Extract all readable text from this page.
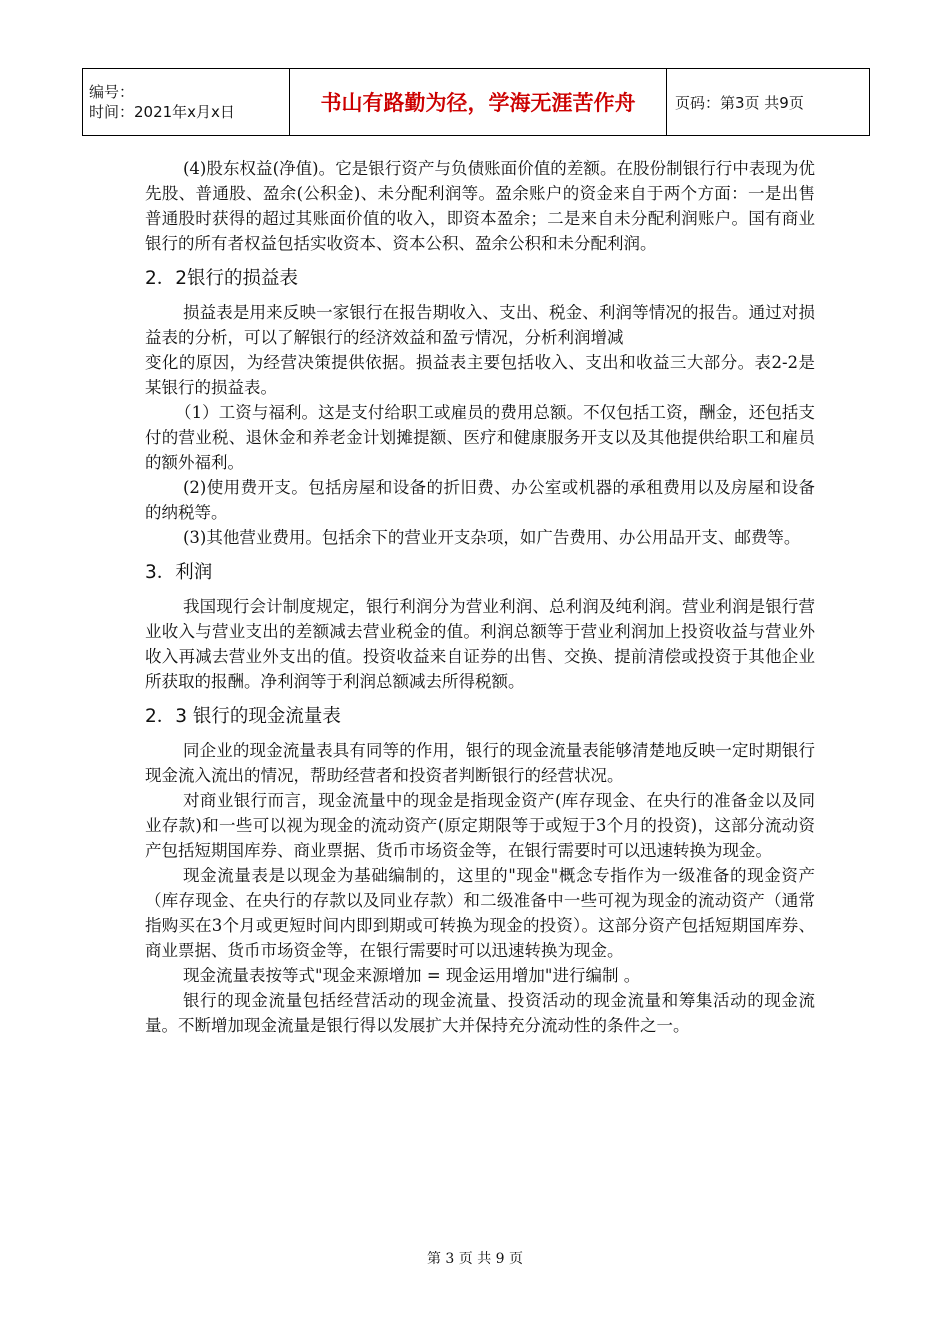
编号：
时间：2021年x月x日	书山有路勤为径，学海无涯苦作舟	页码：第3页 共9页

(4)股东权益(净值)。它是银行资产与负债账面价值的差额。在股份制银行行中表现为优先股、普通股、盈余(公积金)、未分配利润等。盈余账户的资金来自于两个方面：一是出售普通股时获得的超过其账面价值的收入，即资本盈余；二是来自未分配利润账户。国有商业银行的所有者权益包括实收资本、资本公积、盈余公积和未分配利润。

2．2银行的损益表

损益表是用来反映一家银行在报告期收入、支出、税金、利润等情况的报告。通过对损益表的分析，可以了解银行的经济效益和盈亏情况，分析利润增减

变化的原因，为经营决策提供依据。损益表主要包括收入、支出和收益三大部分。表2-2是某银行的损益表。

（1）工资与福利。这是支付给职工或雇员的费用总额。不仅包括工资，酬金，还包括支付的营业税、退休金和养老金计划摊提额、医疗和健康服务开支以及其他提供给职工和雇员的额外福利。

(2)使用费开支。包括房屋和设备的折旧费、办公室或机器的承租费用以及房屋和设备的纳税等。

(3)其他营业费用。包括余下的营业开支杂项，如广告费用、办公用品开支、邮费等。

3．利润

我国现行会计制度规定，银行利润分为营业利润、总利润及纯利润。营业利润是银行营业收入与营业支出的差额减去营业税金的值。利润总额等于营业利润加上投资收益与营业外收入再减去营业外支出的值。投资收益来自证券的出售、交换、提前清偿或投资于其他企业所获取的报酬。净利润等于利润总额减去所得税额。

2．3 银行的现金流量表

同企业的现金流量表具有同等的作用，银行的现金流量表能够清楚地反映一定时期银行现金流入流出的情况，帮助经营者和投资者判断银行的经营状况。

对商业银行而言，现金流量中的现金是指现金资产(库存现金、在央行的准备金以及同业存款)和一些可以视为现金的流动资产(原定期限等于或短于3个月的投资)，这部分流动资产包括短期国库券、商业票据、货币市场资金等，在银行需要时可以迅速转换为现金。

现金流量表是以现金为基础编制的，这里的"现金"概念专指作为一级准备的现金资产（库存现金、在央行的存款以及同业存款）和二级准备中一些可视为现金的流动资产（通常指购买在3个月或更短时间内即到期或可转换为现金的投资）。这部分资产包括短期国库券、商业票据、货币市场资金等，在银行需要时可以迅速转换为现金。

现金流量表按等式"现金来源增加 = 现金运用增加"进行编制 。

银行的现金流量包括经营活动的现金流量、投资活动的现金流量和筹集活动的现金流量。不断增加现金流量是银行得以发展扩大并保持充分流动性的条件之一。

第 3 页 共 9 页
